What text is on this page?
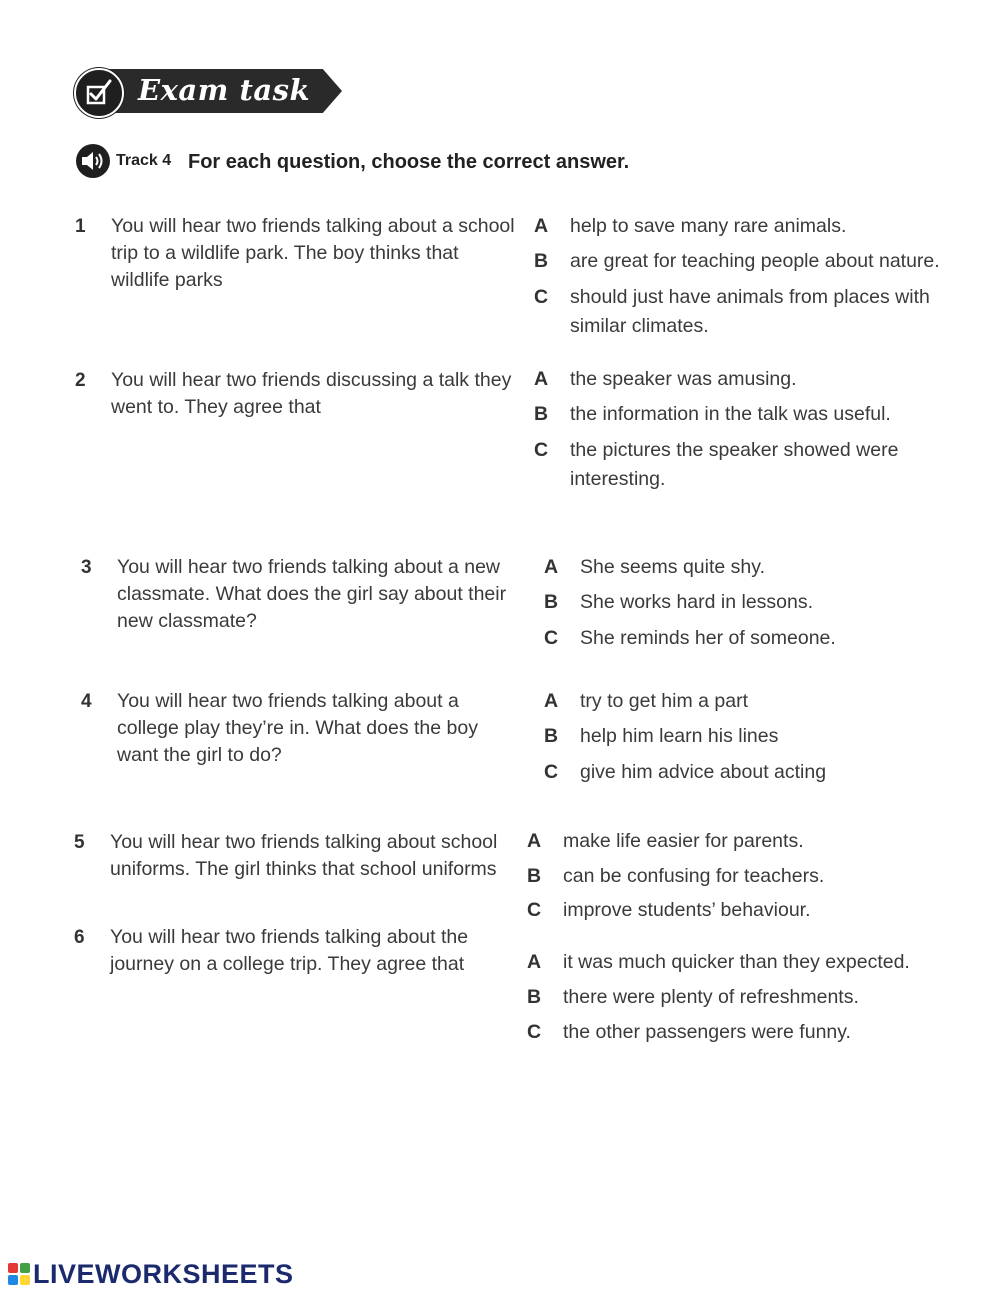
Exam task
Track 4 For each question, choose the correct answer.
1 You will hear two friends talking about a school trip to a wildlife park. The boy thinks that wildlife parks
A help to save many rare animals.
B are great for teaching people about nature.
C should just have animals from places with similar climates.
2 You will hear two friends discussing a talk they went to. They agree that
A the speaker was amusing.
B the information in the talk was useful.
C the pictures the speaker showed were interesting.
3 You will hear two friends talking about a new classmate. What does the girl say about their new classmate?
A She seems quite shy.
B She works hard in lessons.
C She reminds her of someone.
4 You will hear two friends talking about a college play they’re in. What does the boy want the girl to do?
A try to get him a part
B help him learn his lines
C give him advice about acting
5 You will hear two friends talking about school uniforms. The girl thinks that school uniforms
A make life easier for parents.
B can be confusing for teachers.
C improve students’ behaviour.
6 You will hear two friends talking about the journey on a college trip. They agree that	A it was much quicker than they expected.
B there were plenty of refreshments.
C the other passengers were funny.
LIVEWORKSHEETS
